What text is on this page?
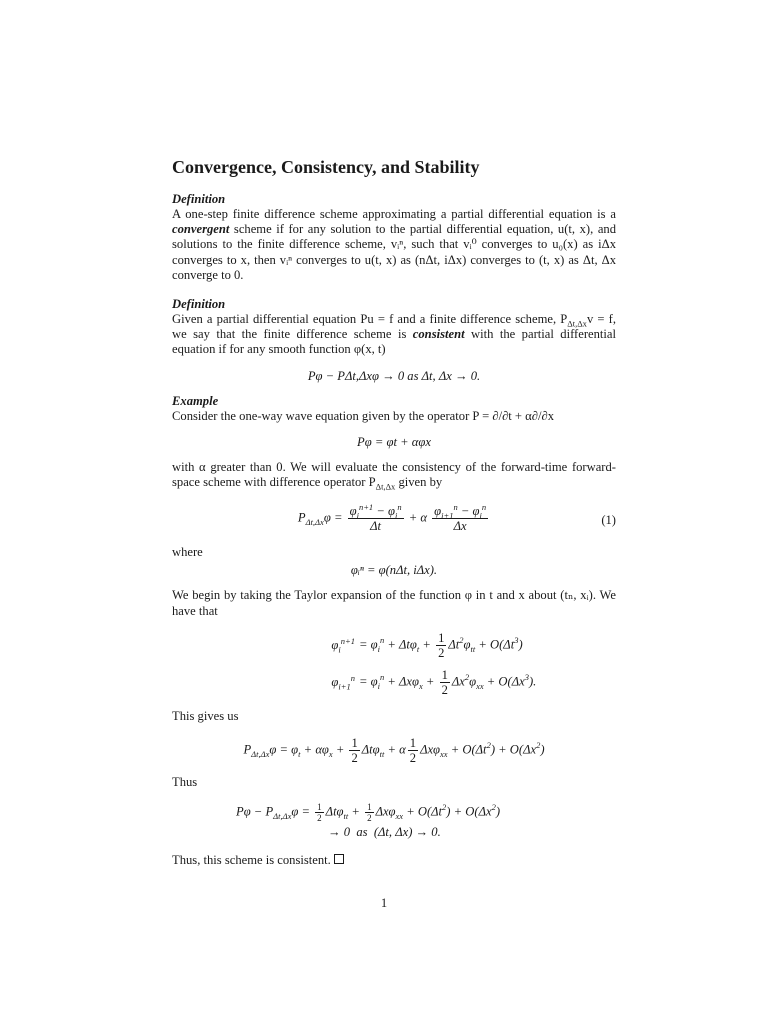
Convergence, Consistency, and Stability
Definition

A one-step finite difference scheme approximating a partial differential equation is a convergent scheme if for any solution to the partial differential equation, u(t, x), and solutions to the finite difference scheme, vᵢⁿ, such that vᵢ⁰ converges to u₀(x) as iΔx converges to x, then vᵢⁿ converges to u(t, x) as (nΔt, iΔx) converges to (t, x) as Δt, Δx converge to 0.

Definition

Given a partial differential equation Pu = f and a finite difference scheme, $P_{\Delta t,\Delta x}v = f$, we say that the finite difference scheme is consistent with the partial differential equation if for any smooth function φ(x, t)

Pφ − PΔt,Δxφ → 0 as Δt, Δx → 0.
Example

Consider the one-way wave equation given by the operator P = ∂/∂t + α∂/∂x

Pφ = φt + αφx

with α greater than 0. We will evaluate the consistency of the forward-time forward-space scheme with difference operator $P_{\Delta t,\Delta x}$ given by

$P_{\Delta t,\Delta x}\varphi = \frac{\varphi_i^{n+1} - \varphi_i^n}{\Delta t} + \alpha \frac{\varphi_{i+1}^n - \varphi_i^n}{\Delta x}$	(1)

where

φᵢⁿ = φ(nΔt, iΔx).

We begin by taking the Taylor expansion of the function φ in t and x about (tₙ, xᵢ). We have that

$\varphi_i^{n+1} = \varphi_i^n + \Delta t\varphi_t + \frac{1}{2} \Delta t^2\varphi_{tt} + O(\Delta t^3)$
$\varphi_{i+1}^n = \varphi_i^n + \Delta x\varphi_x + \frac{1}{2} \Delta x^2\varphi_{xx} + O(\Delta x^3)$.

This gives us

$P_{\Delta t,\Delta x}\varphi = \varphi_t + \alpha\varphi_x + \frac{1}{2} \Delta t\varphi_{tt} + \alpha \frac{1}{2} \Delta x\varphi_{xx} + O(\Delta t^2) + O(\Delta x^2)$

Thus

$P\varphi - P_{\Delta t,\Delta x}\varphi = \frac{1}{2} \Delta t\varphi_{tt} + \frac{1}{2} \Delta x\varphi_{xx} + O(\Delta t^2) + O(\Delta x^2)$
→ 0  as  (Δt, Δx) → 0.

Thus, this scheme is consistent.

1
